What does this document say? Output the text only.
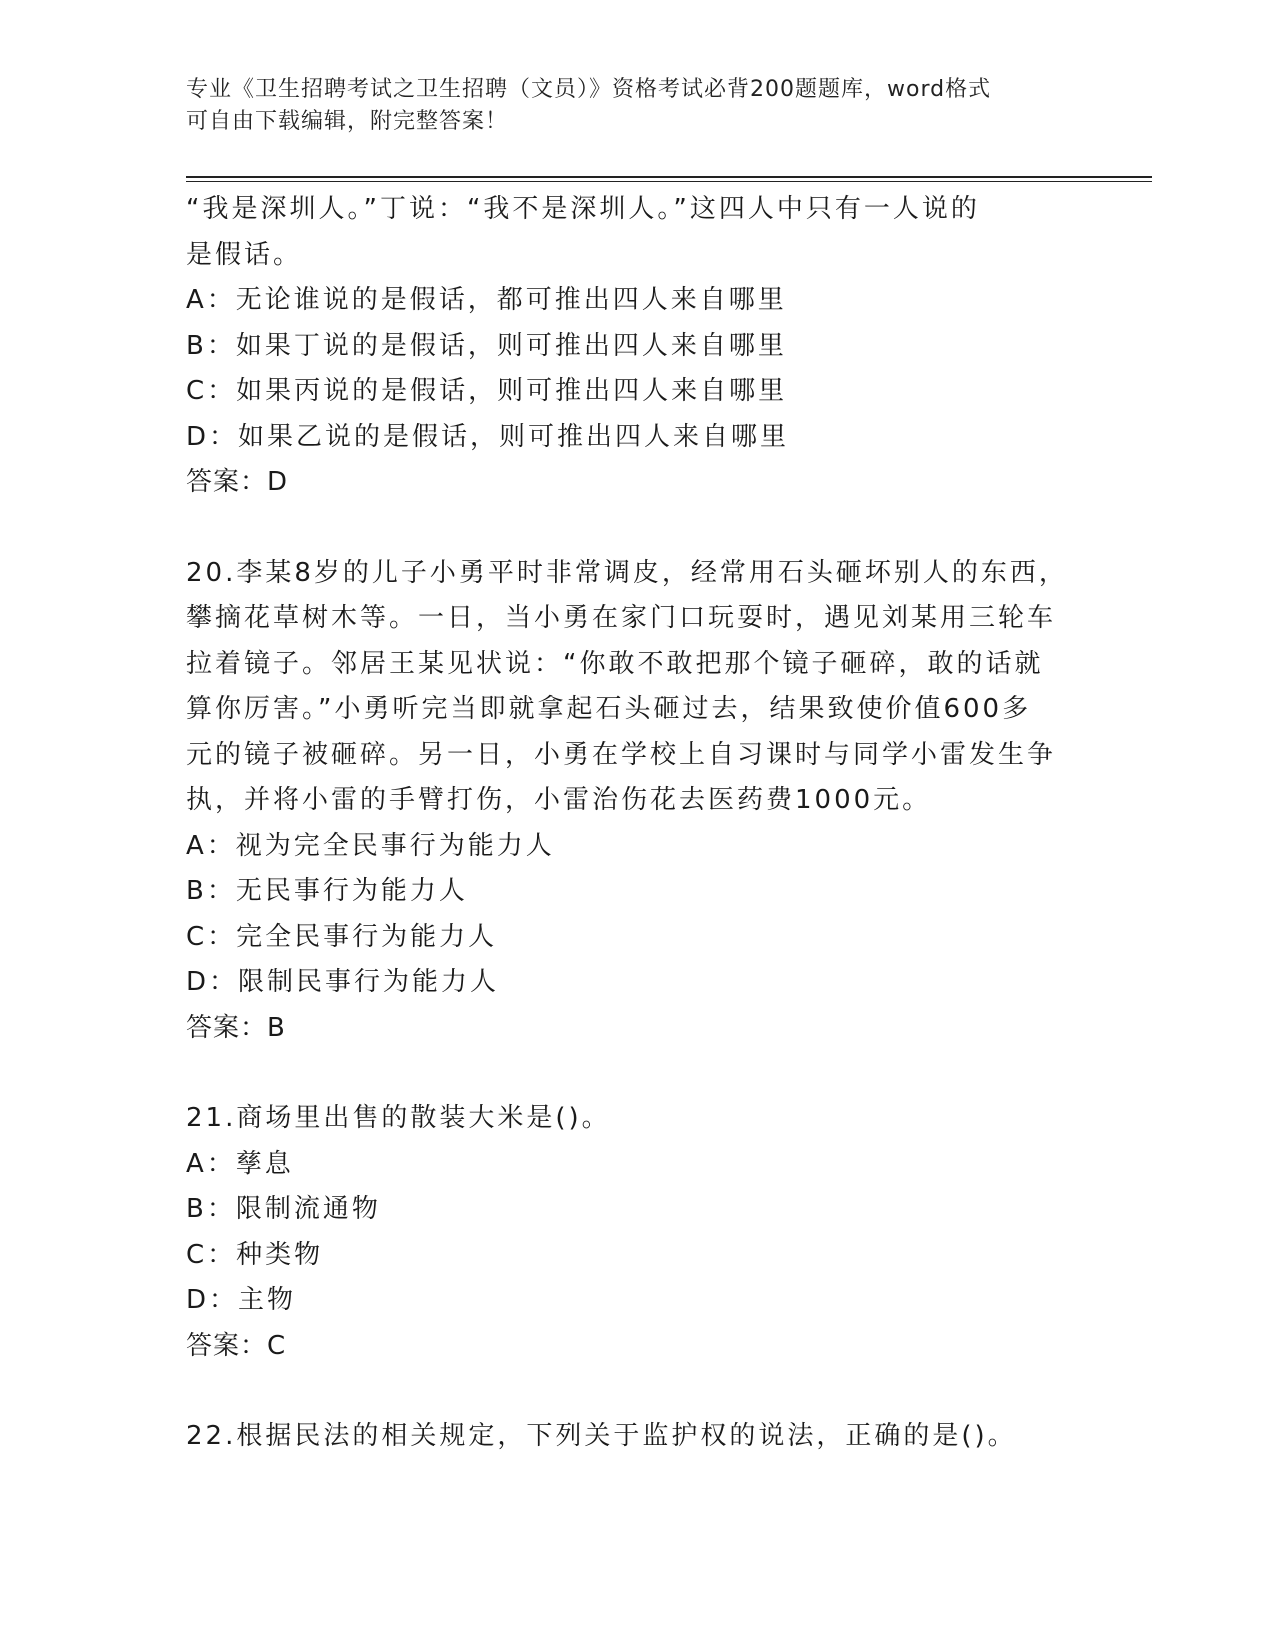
专业《卫生招聘考试之卫生招聘（文员）》资格考试必背200题题库，word格式
可自由下载编辑，附完整答案！
“我是深圳人。”丁说：“我不是深圳人。”这四人中只有一人说的
是假话。
A：无论谁说的是假话，都可推出四人来自哪里
B：如果丁说的是假话，则可推出四人来自哪里
C：如果丙说的是假话，则可推出四人来自哪里
D：如果乙说的是假话，则可推出四人来自哪里
答案：D
20.李某8岁的儿子小勇平时非常调皮，经常用石头砸坏别人的东西，
攀摘花草树木等。一日，当小勇在家门口玩耍时，遇见刘某用三轮车
拉着镜子。邻居王某见状说：“你敢不敢把那个镜子砸碎，敢的话就
算你厉害。”小勇听完当即就拿起石头砸过去，结果致使价值600多
元的镜子被砸碎。另一日，小勇在学校上自习课时与同学小雷发生争
执，并将小雷的手臂打伤，小雷治伤花去医药费1000元。
A：视为完全民事行为能力人
B：无民事行为能力人
C：完全民事行为能力人
D：限制民事行为能力人
答案：B
21.商场里出售的散装大米是()。
A：孳息
B：限制流通物
C：种类物
D：主物
答案：C
22.根据民法的相关规定，下列关于监护权的说法，正确的是()。
